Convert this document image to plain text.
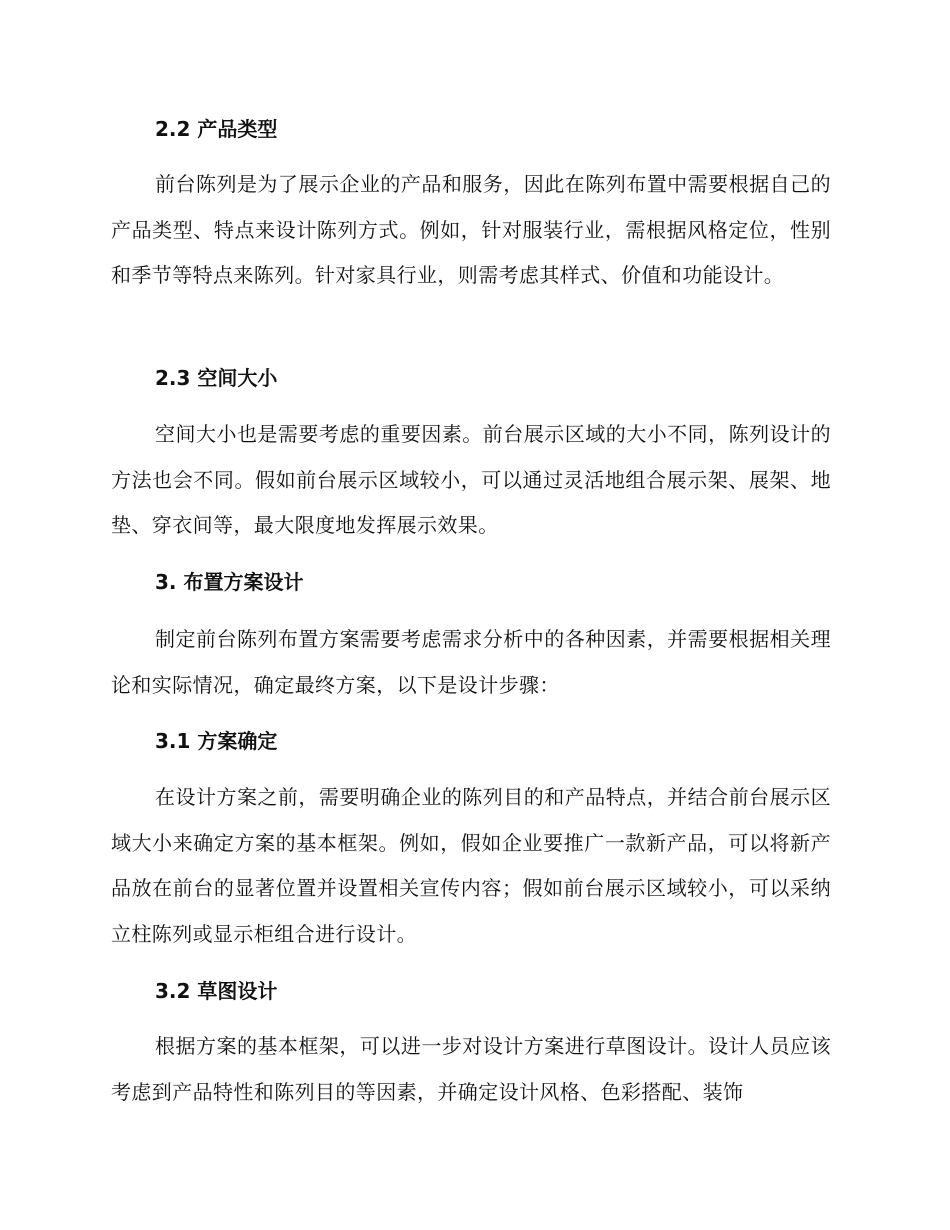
2.2 产品类型

前台陈列是为了展示企业的产品和服务，因此在陈列布置中需要根据自己的产品类型、特点来设计陈列方式。例如，针对服装行业，需根据风格定位，性别和季节等特点来陈列。针对家具行业，则需考虑其样式、价值和功能设计。

2.3 空间大小

空间大小也是需要考虑的重要因素。前台展示区域的大小不同，陈列设计的方法也会不同。假如前台展示区域较小，可以通过灵活地组合展示架、展架、地垫、穿衣间等，最大限度地发挥展示效果。

3. 布置方案设计

制定前台陈列布置方案需要考虑需求分析中的各种因素，并需要根据相关理论和实际情况，确定最终方案，以下是设计步骤：

3.1 方案确定

在设计方案之前，需要明确企业的陈列目的和产品特点，并结合前台展示区域大小来确定方案的基本框架。例如，假如企业要推广一款新产品，可以将新产品放在前台的显著位置并设置相关宣传内容；假如前台展示区域较小，可以采纳立柱陈列或显示柜组合进行设计。

3.2 草图设计

根据方案的基本框架，可以进一步对设计方案进行草图设计。设计人员应该考虑到产品特性和陈列目的等因素，并确定设计风格、色彩搭配、装饰
